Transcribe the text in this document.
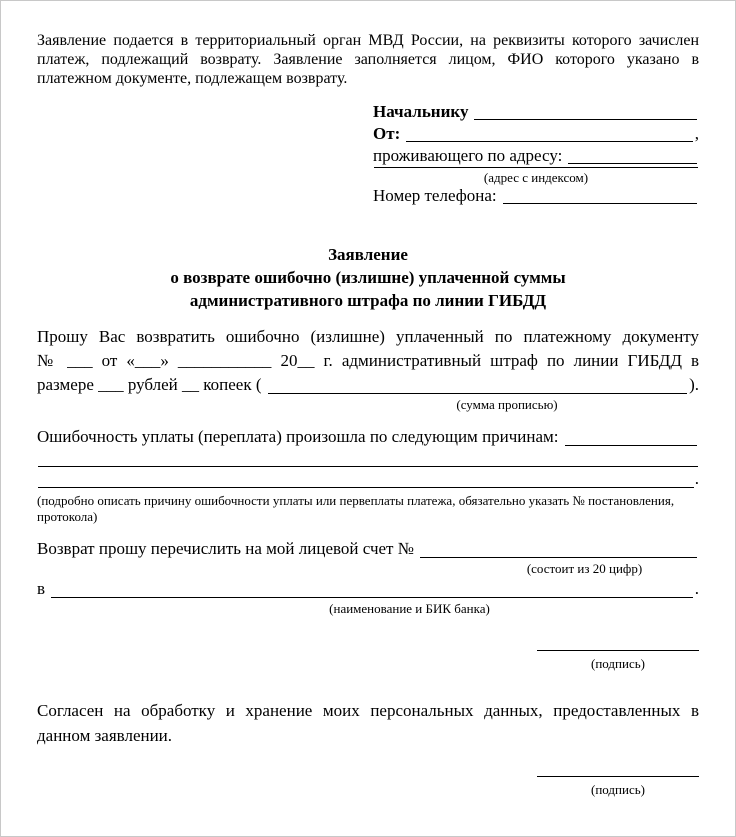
Заявление подается в территориальный орган МВД России, на реквизиты которого зачислен платеж, подлежащий возврату. Заявление заполняется лицом, ФИО которого указано в платежном документе, подлежащем возврату.
Начальнику
От:	,
проживающего по адресу:
(адрес с индексом)
Номер телефона:
Заявление
о возврате ошибочно (излишне) уплаченной суммы
административного штрафа по линии ГИБДД
Прошу Вас возвратить ошибочно (излишне) уплаченный по платежному документу
№ ___ от «___» ___________ 20__ г. административный штраф по линии ГИБДД в
размере ___ рублей __ копеек (	).
(сумма прописью)
Ошибочность уплаты (переплата) произошла по следующим причинам:
.
(подробно описать причину ошибочности уплаты или первеплаты платежа, обязательно указать № постановления,
протокола)
Возврат прошу перечислить на мой лицевой счет №
(состоит из 20 цифр)
в	.
(наименование и БИК банка)
(подпись)
Согласен на обработку и хранение моих персональных данных, предоставленных в данном заявлении.
(подпись)
